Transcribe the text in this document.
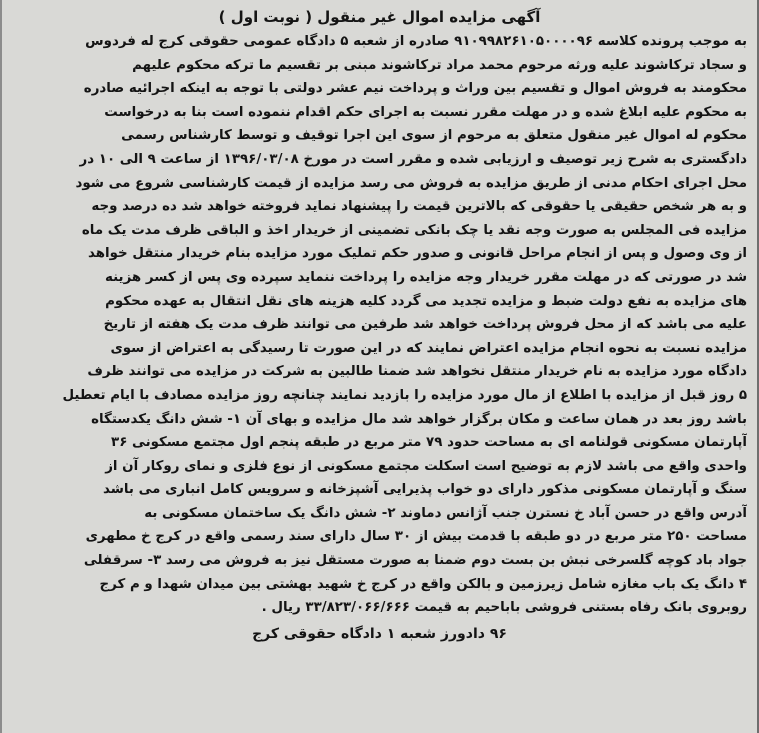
آگهی مزایده اموال غیر منقول ( نوبت اول )
به موجب پرونده کلاسه ۹۱۰۹۹۸۲۶۱۰۵۰۰۰۰۹۶ صادره از شعبه ۵ دادگاه عمومی حقوقی کرج له فردوس
و سجاد ترکاشوند علیه ورثه مرحوم محمد مراد ترکاشوند مبنی بر تقسیم ما ترکه محکوم علیهم
محکومند به فروش اموال و تقسیم بین وراث و پرداخت نیم عشر دولتی با توجه به اینکه اجرائیه صادره
به محکوم علیه ابلاغ شده و در مهلت مقرر نسبت به اجرای حکم اقدام ننموده است بنا به درخواست
محکوم له اموال غیر منقول متعلق به مرحوم از سوی این اجرا توقیف و توسط کارشناس رسمی
دادگستری به شرح زیر توصیف و ارزیابی شده و مقرر است در مورخ ۱۳۹۶/۰۳/۰۸ از ساعت ۹ الی ۱۰ در
محل اجرای احکام مدنی از طریق مزایده به فروش می رسد مزایده از قیمت کارشناسی شروع می شود
و به هر شخص حقیقی یا حقوقی که بالاترین قیمت را پیشنهاد نماید فروخته خواهد شد ده درصد وجه
مزایده فی المجلس به صورت وجه نقد یا چک بانکی تضمینی از خریدار اخذ و الباقی ظرف مدت یک ماه
از وی وصول و پس از انجام مراحل قانونی و صدور حکم تملیک مورد مزایده بنام خریدار منتقل خواهد
شد در صورتی که در مهلت مقرر خریدار وجه مزایده را پرداخت ننماید سپرده وی پس از کسر هزینه
های مزایده به نفع دولت ضبط و مزایده تجدید می گردد کلیه هزینه های نقل انتقال به عهده محکوم
علیه می باشد که از محل فروش پرداخت خواهد شد طرفین می توانند ظرف مدت یک هفته از تاریخ
مزایده نسبت به نحوه انجام مزایده اعتراض نمایند که در این صورت تا رسیدگی به اعتراض از سوی
دادگاه مورد مزایده به نام خریدار منتقل نخواهد شد ضمنا طالبین به شرکت در مزایده می توانند ظرف
۵ روز قبل از مزایده با اطلاع از مال مورد مزایده را بازدید نمایند چنانچه روز مزایده مصادف با ایام تعطیل
باشد روز بعد در همان ساعت و مکان برگزار خواهد شد مال مزایده و بهای آن ۱- شش دانگ یکدستگاه
آپارتمان مسکونی قولنامه ای به مساحت حدود ۷۹ متر مربع در طبقه پنجم اول مجتمع مسکونی ۳۶
واحدی واقع می باشد لازم به توضیح است اسکلت مجتمع مسکونی از نوع فلزی و نمای روکار آن از
سنگ و آپارتمان مسکونی مذکور دارای دو خواب پذیرایی آشپزخانه و سرویس کامل انباری می باشد
آدرس واقع در حسن آباد خ نسترن جنب آژانس دماوند ۲- شش دانگ یک ساختمان مسکونی به
مساحت ۲۵۰ متر مربع در دو طبقه با قدمت بیش از ۳۰ سال دارای سند رسمی واقع در کرج خ مطهری
جواد باد کوچه گلسرخی نبش بن بست دوم ضمنا به صورت مستقل نیز به فروش می رسد ۳- سرقفلی
۴ دانگ یک باب مغازه شامل زیرزمین و بالکن واقع در کرج خ شهید بهشتی بین میدان شهدا و م کرج
روبروی بانک رفاه بستنی فروشی باباحیم به قیمت ۳۳/۸۲۳/۰۶۶/۶۶۶ ریال .
۹۶ دادورز شعبه ۱ دادگاه حقوقی کرج
